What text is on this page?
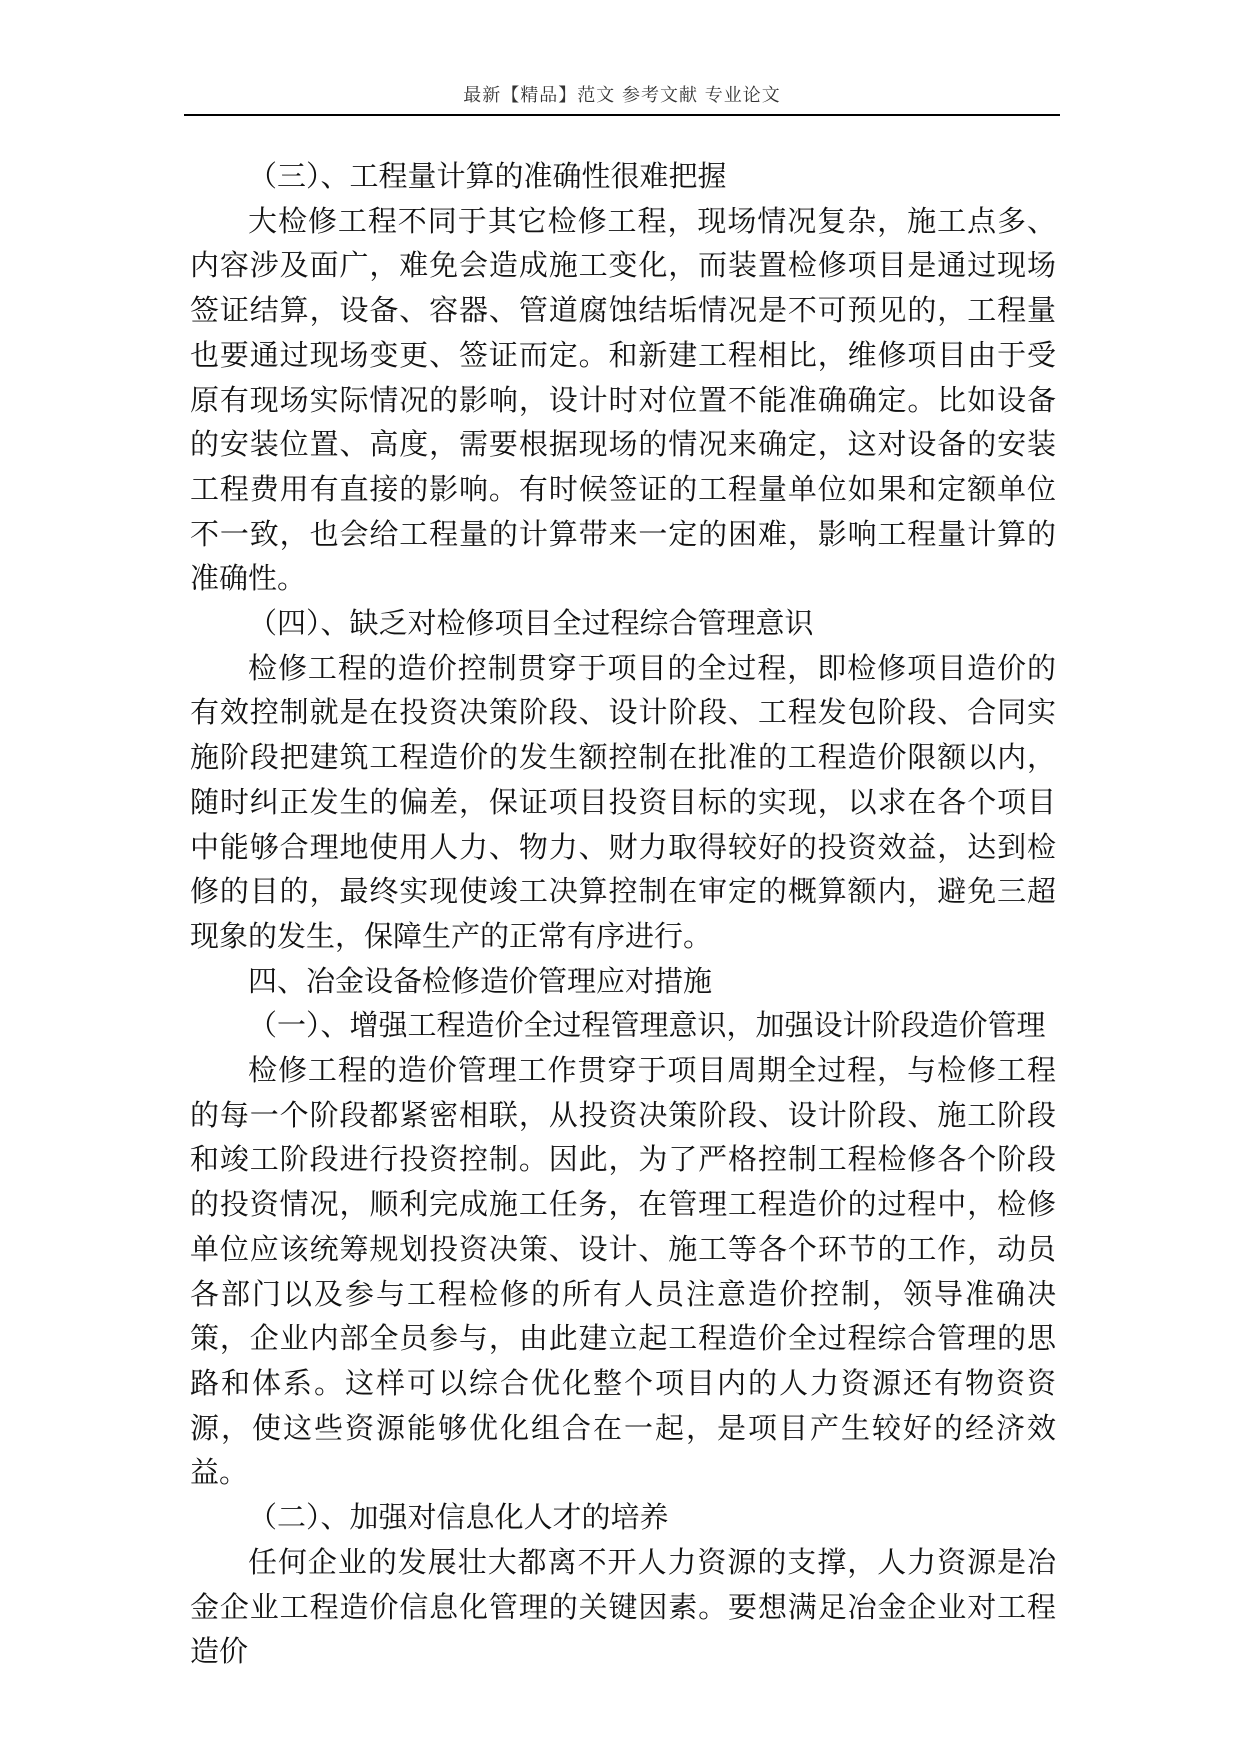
最新【精品】范文 参考文献 专业论文

（三）、工程量计算的准确性很难把握

大检修工程不同于其它检修工程，现场情况复杂，施工点多、内容涉及面广，难免会造成施工变化，而装置检修项目是通过现场签证结算，设备、容器、管道腐蚀结垢情况是不可预见的，工程量也要通过现场变更、签证而定。和新建工程相比，维修项目由于受原有现场实际情况的影响，设计时对位置不能准确确定。比如设备的安装位置、高度，需要根据现场的情况来确定，这对设备的安装工程费用有直接的影响。有时候签证的工程量单位如果和定额单位不一致，也会给工程量的计算带来一定的困难，影响工程量计算的准确性。

（四）、缺乏对检修项目全过程综合管理意识

检修工程的造价控制贯穿于项目的全过程，即检修项目造价的有效控制就是在投资决策阶段、设计阶段、工程发包阶段、合同实施阶段把建筑工程造价的发生额控制在批准的工程造价限额以内，随时纠正发生的偏差，保证项目投资目标的实现，以求在各个项目中能够合理地使用人力、物力、财力取得较好的投资效益，达到检修的目的，最终实现使竣工决算控制在审定的概算额内，避免三超现象的发生，保障生产的正常有序进行。

四、冶金设备检修造价管理应对措施

（一）、增强工程造价全过程管理意识，加强设计阶段造价管理

检修工程的造价管理工作贯穿于项目周期全过程，与检修工程的每一个阶段都紧密相联，从投资决策阶段、设计阶段、施工阶段和竣工阶段进行投资控制。因此，为了严格控制工程检修各个阶段的投资情况，顺利完成施工任务，在管理工程造价的过程中，检修单位应该统筹规划投资决策、设计、施工等各个环节的工作，动员各部门以及参与工程检修的所有人员注意造价控制，领导准确决策，企业内部全员参与，由此建立起工程造价全过程综合管理的思路和体系。这样可以综合优化整个项目内的人力资源还有物资资源，使这些资源能够优化组合在一起，是项目产生较好的经济效益。

（二）、加强对信息化人才的培养

任何企业的发展壮大都离不开人力资源的支撑，人力资源是冶金企业工程造价信息化管理的关键因素。要想满足冶金企业对工程造价
